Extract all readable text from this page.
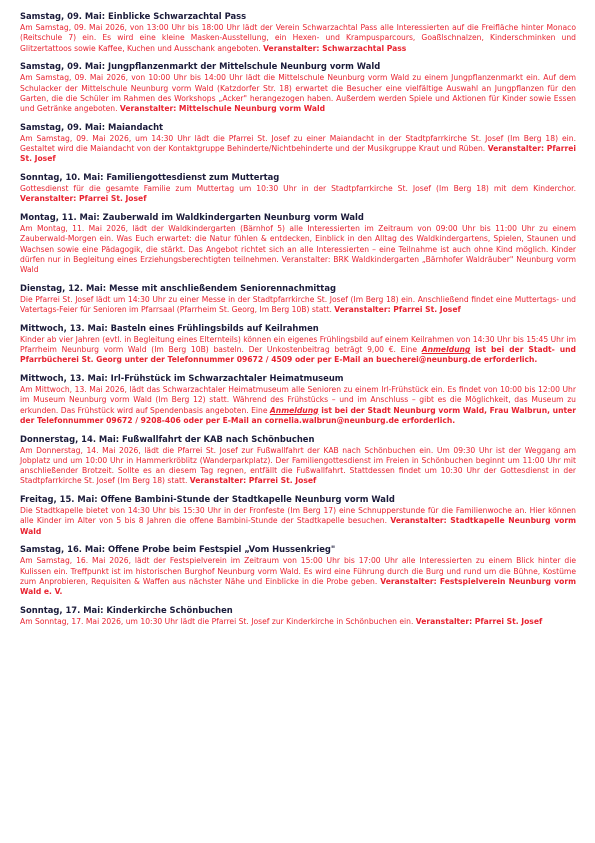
Samstag, 09. Mai: Einblicke Schwarzachtal Pass

Am Samstag, 09. Mai 2026, von 13:00 Uhr bis 18:00 Uhr lädt der Verein Schwarzachtal Pass alle Interessierten auf die Freifläche hinter Monaco (Reitschule 7) ein. Es wird eine kleine Masken-Ausstellung, ein Hexen- und Krampusparcours, Goaßlschnalzen, Kinderschminken und Glitzertattoos sowie Kaffee, Kuchen und Ausschank angeboten. Veranstalter: Schwarzachtal Pass

Samstag, 09. Mai: Jungpflanzenmarkt der Mittelschule Neunburg vorm Wald

Am Samstag, 09. Mai 2026, von 10:00 Uhr bis 14:00 Uhr lädt die Mittelschule Neunburg vorm Wald zu einem Jungpflanzenmarkt ein. Auf dem Schulacker der Mittelschule Neunburg vorm Wald (Katzdorfer Str. 18) erwartet die Besucher eine vielfältige Auswahl an Jungpflanzen für den Garten, die die Schüler im Rahmen des Workshops „Acker" herangezogen haben. Außerdem werden Spiele und Aktionen für Kinder sowie Essen und Getränke angeboten. Veranstalter: Mittelschule Neunburg vorm Wald

Samstag, 09. Mai: Maiandacht

Am Samstag, 09. Mai 2026, um 14:30 Uhr lädt die Pfarrei St. Josef zu einer Maiandacht in der Stadtpfarrkirche St. Josef (Im Berg 18) ein. Gestaltet wird die Maiandacht von der Kontaktgruppe Behinderte/Nichtbehinderte und der Musikgruppe Kraut und Rüben. Veranstalter: Pfarrei St. Josef

Sonntag, 10. Mai: Familiengottesdienst zum Muttertag

Gottesdienst für die gesamte Familie zum Muttertag um 10:30 Uhr in der Stadtpfarrkirche St. Josef (Im Berg 18) mit dem Kinderchor. Veranstalter: Pfarrei St. Josef

Montag, 11. Mai: Zauberwald im Waldkindergarten Neunburg vorm Wald

Am Montag, 11. Mai 2026, lädt der Waldkindergarten (Bärnhof 5) alle Interessierten im Zeitraum von 09:00 Uhr bis 11:00 Uhr zu einem Zauberwald-Morgen ein. Was Euch erwartet: die Natur fühlen & entdecken, Einblick in den Alltag des Waldkindergartens, Spielen, Staunen und Wachsen sowie eine Pädagogik, die stärkt. Das Angebot richtet sich an alle Interessierten – eine Teilnahme ist auch ohne Kind möglich. Kinder dürfen nur in Begleitung eines Erziehungsberechtigten teilnehmen. Veranstalter: BRK Waldkindergarten „Bärnhofer Waldräuber" Neunburg vorm Wald

Dienstag, 12. Mai: Messe mit anschließendem Seniorennachmittag

Die Pfarrei St. Josef lädt um 14:30 Uhr zu einer Messe in der Stadtpfarrkirche St. Josef (Im Berg 18) ein. Anschließend findet eine Muttertags- und Vatertags-Feier für Senioren im Pfarrsaal (Pfarrheim St. Georg, Im Berg 10B) statt. Veranstalter: Pfarrei St. Josef

Mittwoch, 13. Mai: Basteln eines Frühlingsbilds auf Keilrahmen

Kinder ab vier Jahren (evtl. in Begleitung eines Elternteils) können ein eigenes Frühlingsbild auf einem Keilrahmen von 14:30 Uhr bis 15:45 Uhr im Pfarrheim Neunburg vorm Wald (Im Berg 10B) basteln. Der Unkostenbeitrag beträgt 9,00 €. Eine Anmeldung ist bei der Stadt- und Pfarrbücherei St. Georg unter der Telefonnummer 09672 / 4509 oder per E-Mail an buecherei@neunburg.de erforderlich.

Mittwoch, 13. Mai: Irl-Frühstück im Schwarzachtaler Heimatmuseum

Am Mittwoch, 13. Mai 2026, lädt das Schwarzachtaler Heimatmuseum alle Senioren zu einem Irl-Frühstück ein. Es findet von 10:00 bis 12:00 Uhr im Museum Neunburg vorm Wald (Im Berg 12) statt. Während des Frühstücks – und im Anschluss – gibt es die Möglichkeit, das Museum zu erkunden. Das Frühstück wird auf Spendenbasis angeboten. Eine Anmeldung ist bei der Stadt Neunburg vorm Wald, Frau Walbrun, unter der Telefonnummer 09672 / 9208-406 oder per E-Mail an cornelia.walbrun@neunburg.de erforderlich.

Donnerstag, 14. Mai: Fußwallfahrt der KAB nach Schönbuchen

Am Donnerstag, 14. Mai 2026, lädt die Pfarrei St. Josef zur Fußwallfahrt der KAB nach Schönbuchen ein. Um 09:30 Uhr ist der Weggang am Jobplatz und um 10:00 Uhr in Hammerkröblitz (Wanderparkplatz). Der Familiengottesdienst im Freien in Schönbuchen beginnt um 11:00 Uhr mit anschließender Brotzeit. Sollte es an diesem Tag regnen, entfällt die Fußwallfahrt. Stattdessen findet um 10:30 Uhr der Gottesdienst in der Stadtpfarrkirche St. Josef (Im Berg 18) statt. Veranstalter: Pfarrei St. Josef

Freitag, 15. Mai: Offene Bambini-Stunde der Stadtkapelle Neunburg vorm Wald

Die Stadtkapelle bietet von 14:30 Uhr bis 15:30 Uhr in der Fronfeste (Im Berg 17) eine Schnupperstunde für die Familienwoche an. Hier können alle Kinder im Alter von 5 bis 8 Jahren die offene Bambini-Stunde der Stadtkapelle besuchen. Veranstalter: Stadtkapelle Neunburg vorm Wald

Samstag, 16. Mai: Offene Probe beim Festspiel „Vom Hussenkrieg"

Am Samstag, 16. Mai 2026, lädt der Festspielverein im Zeitraum von 15:00 Uhr bis 17:00 Uhr alle Interessierten zu einem Blick hinter die Kulissen ein. Treffpunkt ist im historischen Burghof Neunburg vorm Wald. Es wird eine Führung durch die Burg und rund um die Bühne, Kostüme zum Anprobieren, Requisiten & Waffen aus nächster Nähe und Einblicke in die Probe geben. Veranstalter: Festspielverein Neunburg vorm Wald e. V.

Sonntag, 17. Mai: Kinderkirche Schönbuchen

Am Sonntag, 17. Mai 2026, um 10:30 Uhr lädt die Pfarrei St. Josef zur Kinderkirche in Schönbuchen ein. Veranstalter: Pfarrei St. Josef
